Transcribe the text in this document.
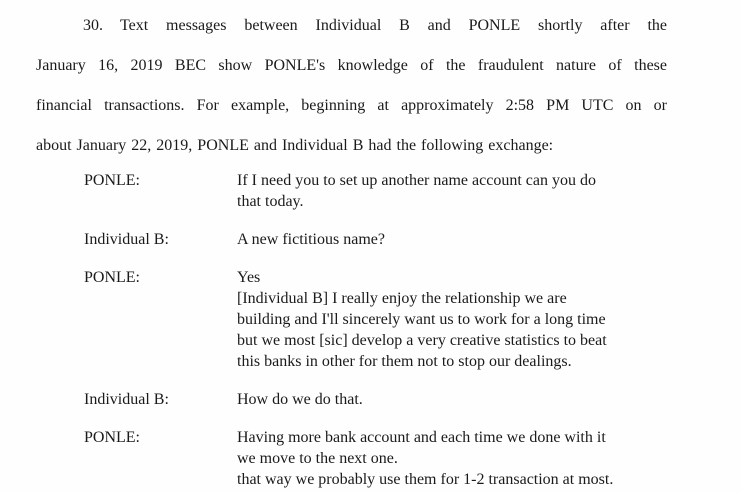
30. Text messages between Individual B and PONLE shortly after the
January 16, 2019 BEC show PONLE's knowledge of the fraudulent nature of these
financial transactions. For example, beginning at approximately 2:58 PM UTC on or
about January 22, 2019, PONLE and Individual B had the following exchange:
PONLE:	If I need you to set up another name account can you do
that today.
Individual B:	A new fictitious name?
PONLE:	Yes
[Individual B] I really enjoy the relationship we are
building and I'll sincerely want us to work for a long time
but we most [sic] develop a very creative statistics to beat
this banks in other for them not to stop our dealings.
Individual B:	How do we do that.
PONLE:	Having more bank account and each time we done with it
we move to the next one.
that way we probably use them for 1-2 transaction at most.
